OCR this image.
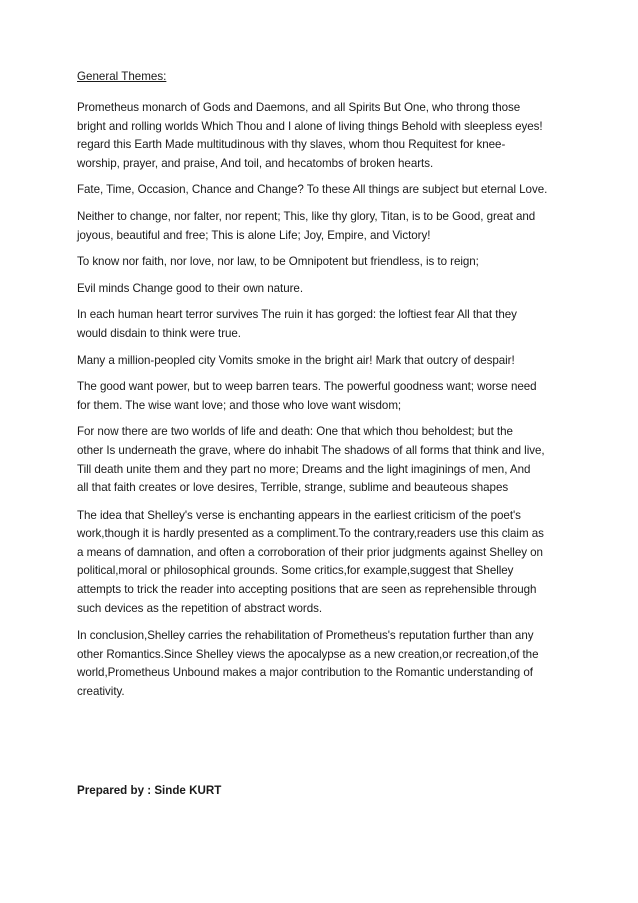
General Themes:
Prometheus monarch of Gods and Daemons, and all Spirits But One, who throng those
bright and rolling worlds Which Thou and I alone of living things Behold with sleepless eyes!
regard this Earth Made multitudinous with thy slaves, whom thou Requitest for knee-
worship, prayer, and praise, And toil, and hecatombs of broken hearts.
Fate, Time, Occasion, Chance and Change? To these All things are subject but eternal Love.
Neither to change, nor falter, nor repent; This, like thy glory, Titan, is to be Good, great and
joyous, beautiful and free; This is alone Life; Joy, Empire, and Victory!
To know nor faith, nor love, nor law, to be Omnipotent but friendless, is to reign;
Evil minds Change good to their own nature.
In each human heart terror survives The ruin it has gorged: the loftiest fear All that they
would disdain to think were true.
Many a million-peopled city Vomits smoke in the bright air! Mark that outcry of despair!
The good want power, but to weep barren tears. The powerful goodness want; worse need
for them. The wise want love; and those who love want wisdom;
For now there are two worlds of life and death: One that which thou beholdest; but the
other Is underneath the grave, where do inhabit The shadows of all forms that think and live,
Till death unite them and they part no more; Dreams and the light imaginings of men, And
all that faith creates or love desires, Terrible, strange, sublime and beauteous shapes
The idea that Shelley's verse is enchanting appears in the earliest criticism of the poet's
work,though it is hardly presented as a compliment.To the contrary,readers use this claim as
a means of damnation, and often a corroboration of their prior judgments against Shelley on
political,moral or philosophical grounds. Some critics,for example,suggest that Shelley
attempts to trick the reader into accepting positions that are seen as reprehensible through
such devices as the repetition of abstract words.
In conclusion,Shelley carries the rehabilitation of Prometheus's reputation further than any
other Romantics.Since Shelley views the apocalypse as a new creation,or recreation,of the
world,Prometheus Unbound makes a major contribution to the Romantic understanding of
creativity.
Prepared by : Sinde KURT
